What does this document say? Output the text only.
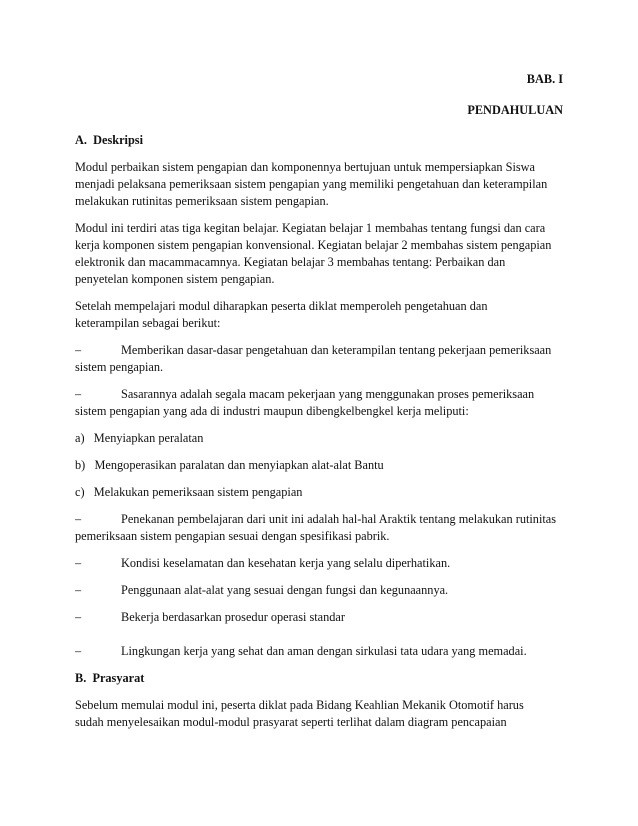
BAB. I
PENDAHULUAN
A. Deskripsi
Modul perbaikan sistem pengapian dan komponennya bertujuan untuk mempersiapkan Siswa
menjadi pelaksana pemeriksaan sistem pengapian yang memiliki pengetahuan dan keterampilan
melakukan rutinitas pemeriksaan sistem pengapian.
Modul ini terdiri atas tiga kegitan belajar. Kegiatan belajar 1 membahas tentang fungsi dan cara
kerja komponen sistem pengapian konvensional. Kegiatan belajar 2 membahas sistem pengapian
elektronik dan macammacamnya. Kegiatan belajar 3 membahas tentang: Perbaikan dan
penyetelan komponen sistem pengapian.
Setelah mempelajari modul diharapkan peserta diklat memperoleh pengetahuan dan
keterampilan sebagai berikut:
–	Memberikan dasar-dasar pengetahuan dan keterampilan tentang pekerjaan pemeriksaan
sistem pengapian.
–	Sasarannya adalah segala macam pekerjaan yang menggunakan proses pemeriksaan
sistem pengapian yang ada di industri maupun dibengkelbengkel kerja meliputi:
a) Menyiapkan peralatan
b) Mengoperasikan paralatan dan menyiapkan alat-alat Bantu
c) Melakukan pemeriksaan sistem pengapian
–	Penekanan pembelajaran dari unit ini adalah hal-hal Araktik tentang melakukan rutinitas
pemeriksaan sistem pengapian sesuai dengan spesifikasi pabrik.
–	Kondisi keselamatan dan kesehatan kerja yang selalu diperhatikan.
–	Penggunaan alat-alat yang sesuai dengan fungsi dan kegunaannya.
–	Bekerja berdasarkan prosedur operasi standar
–	Lingkungan kerja yang sehat dan aman dengan sirkulasi tata udara yang memadai.
B. Prasyarat
Sebelum memulai modul ini, peserta diklat pada Bidang Keahlian Mekanik Otomotif harus
sudah menyelesaikan modul-modul prasyarat seperti terlihat dalam diagram pencapaian
